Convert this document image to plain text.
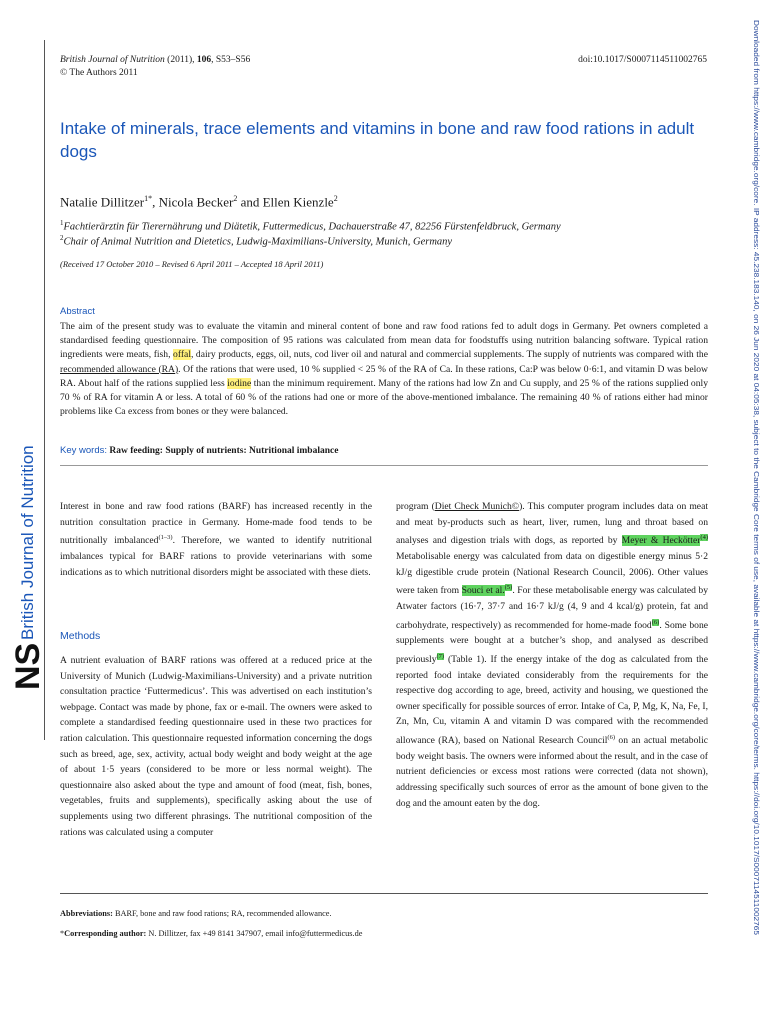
British Journal of Nutrition (2011), 106, S53–S56
© The Authors 2011
doi:10.1017/S0007114511002765
British Journal of Nutrition
NS	Downloaded from https://www.cambridge.org/core. IP address: 45.238.183.140, on 26 Jun 2020 at 04:05:38, subject to the Cambridge Core terms of use, available at https://www.cambridge.org/core/terms. https://doi.org/10.1017/S0007114511002765
Intake of minerals, trace elements and vitamins in bone and raw food rations in adult dogs
Natalie Dillitzer$^{1*}$, Nicola Becker$^2$ and Ellen Kienzle$^2$
$^1$Fachtierärztin für Tierernährung und Diätetik, Futtermedicus, Dachauerstraße 47, 82256 Fürstenfeldbruck, Germany
$^2$Chair of Animal Nutrition and Dietetics, Ludwig-Maximilians-University, Munich, Germany
(Received 17 October 2010 – Revised 6 April 2011 – Accepted 18 April 2011)
Abstract
The aim of the present study was to evaluate the vitamin and mineral content of bone and raw food rations fed to adult dogs in Germany. Pet owners completed a standardised feeding questionnaire. The composition of 95 rations was calculated from mean data for foodstuffs using nutrition balancing software. Typical ration ingredients were meats, fish, offal, dairy products, eggs, oil, nuts, cod liver oil and natural and commercial supplements. The supply of nutrients was compared with the recommended allowance (RA). Of the rations that were used, 10 % supplied < 25 % of the RA of Ca. In these rations, Ca:P was below 0·6:1, and vitamin D was below RA. About half of the rations supplied less iodine than the minimum requirement. Many of the rations had low Zn and Cu supply, and 25 % of the rations supplied only 70 % of RA for vitamin A or less. A total of 60 % of the rations had one or more of the above-mentioned imbalance. The remaining 40 % of rations either had minor problems like Ca excess from bones or they were balanced.
Key words: Raw feeding: Supply of nutrients: Nutritional imbalance
Interest in bone and raw food rations (BARF) has increased recently in the nutrition consultation practice in Germany. Home-made food tends to be nutritionally imbalanced$^{(1-3)}$. Therefore, we wanted to identify nutritional imbalances typical for BARF rations to provide veterinarians with some indications as to which nutritional disorders might be associated with these diets.
Methods
A nutrient evaluation of BARF rations was offered at a reduced price at the University of Munich (Ludwig-Maximilians-University) and a private nutrition consultation practice ‘Futtermedicus’. This was advertised on each institution’s webpage. Contact was made by phone, fax or e-mail. The owners were asked to complete a standardised feeding questionnaire used in these two practices for ration calculation. This questionnaire requested information concerning the dogs such as breed, age, sex, activity, actual body weight and body weight at the age of about 1·5 years (considered to be more or less normal weight). The questionnaire also asked about the type and amount of food (meat, fish, bones, vegetables, fruits and supplements), specifically asking about the use of supplements using two different phrasings. The nutritional composition of the rations was calculated using a computer
program (Diet Check Munich©). This computer program includes data on meat and meat by-products such as heart, liver, rumen, lung and throat based on analyses and digestion trials with dogs, as reported by Meyer & Heckötter$^{(4)}$ Metabolisable energy was calculated from data on digestible energy minus 5·2 kJ/g digestible crude protein (National Research Council, 2006). Other values were taken from Souci et al.$^{(5)}$. For these metabolisable energy was calculated by Atwater factors (16·7, 37·7 and 16·7 kJ/g (4, 9 and 4 kcal/g) protein, fat and carbohydrate, respectively) as recommended for home-made food$^{(6)}$. Some bone supplements were bought at a butcher’s shop, and analysed as described previously$^{(7)}$ (Table 1). If the energy intake of the dog as calculated from the reported food intake deviated considerably from the requirements for the respective dog according to age, breed, activity and housing, we questioned the owner specifically for possible sources of error. Intake of Ca, P, Mg, K, Na, Fe, I, Zn, Mn, Cu, vitamin A and vitamin D was compared with the recommended allowance (RA), based on National Research Council$^{(6)}$ on an actual metabolic body weight basis. The owners were informed about the result, and in the case of nutrient deficiencies or excess most rations were corrected (data not shown), addressing specifically such sources of error as the amount of bone given to the dog and the amount eaten by the dog.
Abbreviations: BARF, bone and raw food rations; RA, recommended allowance.
*Corresponding author: N. Dillitzer, fax +49 8141 347907, email info@futtermedicus.de
